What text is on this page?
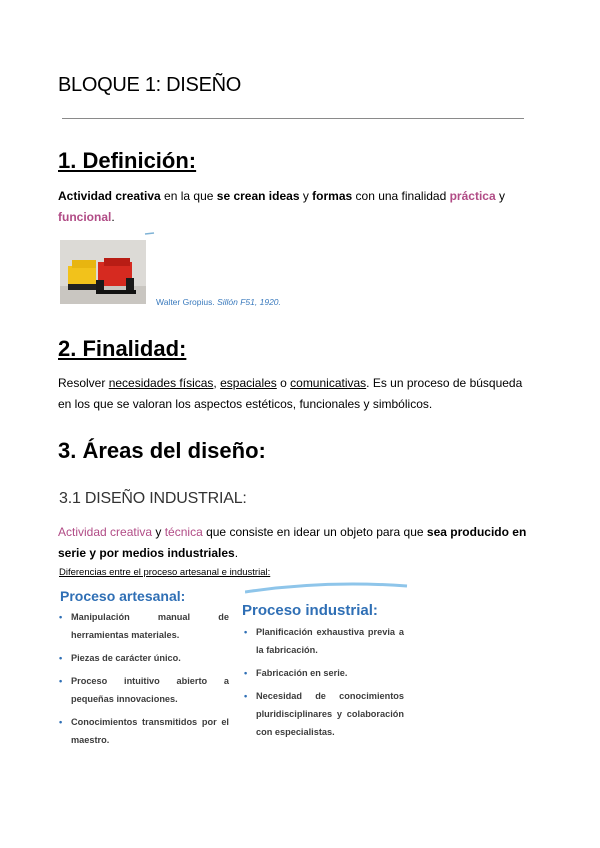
BLOQUE 1: DISEÑO
1. Definición:
Actividad creativa en la que se crean ideas y formas con una finalidad práctica y
funcional.
Walter Gropius. Sillón F51, 1920.
2. Finalidad:
Resolver necesidades físicas, espaciales o comunicativas. Es un proceso de búsqueda en los que se valoran los aspectos estéticos, funcionales y simbólicos.
3. Áreas del diseño:
3.1 DISEÑO INDUSTRIAL:
Actividad creativa y técnica que consiste en idear un objeto para que sea producido en serie y por medios industriales.
Diferencias entre el proceso artesanal e industrial:
Proceso artesanal:
• Manipulación manual de herramientas materiales.
• Piezas de carácter único.
• Proceso intuitivo abierto a pequeñas innovaciones.
• Conocimientos transmitidos por el maestro.
Proceso industrial:
• Planificación exhaustiva previa a la fabricación.
• Fabricación en serie.
• Necesidad de conocimientos pluridisciplinares y colaboración con especialistas.
